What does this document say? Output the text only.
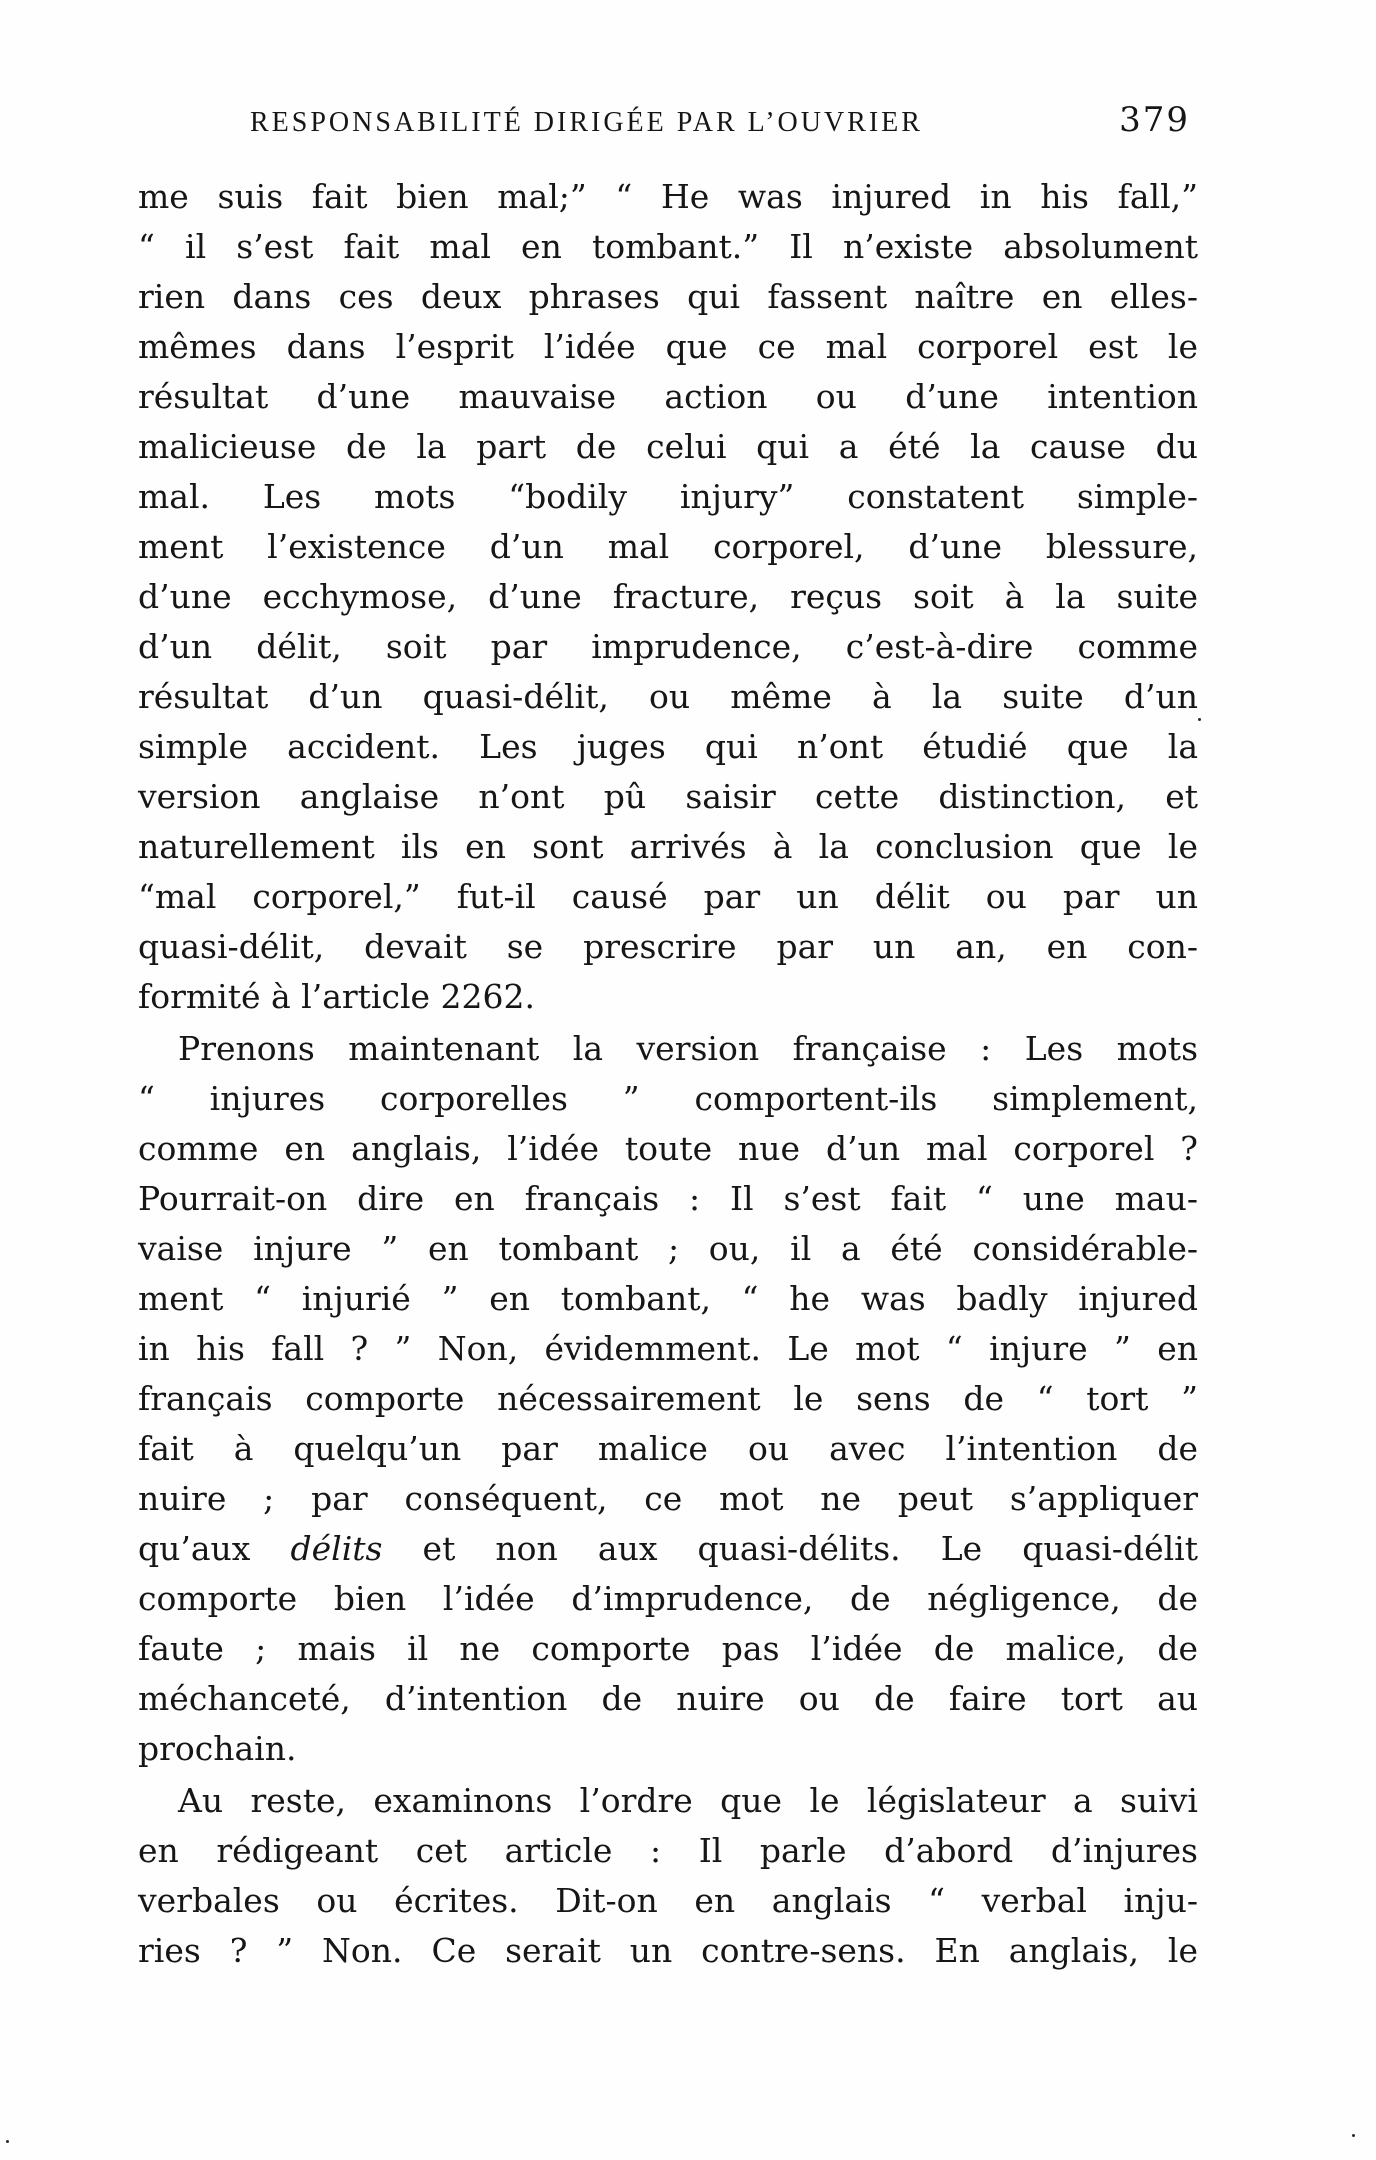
RESPONSABILITÉ DIRIGÉE PAR L’OUVRIER	379
me suis fait bien mal;” “ He was injured in his fall,”
“ il s’est fait mal en tombant.” Il n’existe absolument
rien dans ces deux phrases qui fassent naître en elles-
mêmes dans l’esprit l’idée que ce mal corporel est le
résultat d’une mauvaise action ou d’une intention
malicieuse de la part de celui qui a été la cause du
mal. Les mots “bodily injury” constatent simple-
ment l’existence d’un mal corporel, d’une blessure,
d’une ecchymose, d’une fracture, reçus soit à la suite
d’un délit, soit par imprudence, c’est-à-dire comme
résultat d’un quasi-délit, ou même à la suite d’un
simple accident. Les juges qui n’ont étudié que la
version anglaise n’ont pû saisir cette distinction, et
naturellement ils en sont arrivés à la conclusion que le
“mal corporel,” fut-il causé par un délit ou par un
quasi-délit, devait se prescrire par un an, en con-
formité à l’article 2262.
Prenons maintenant la version française : Les mots
“ injures corporelles ” comportent-ils simplement,
comme en anglais, l’idée toute nue d’un mal corporel ?
Pourrait-on dire en français : Il s’est fait “ une mau-
vaise injure ” en tombant ; ou, il a été considérable-
ment “ injurié ” en tombant, “ he was badly injured
in his fall ? ” Non, évidemment. Le mot “ injure ” en
français comporte nécessairement le sens de “ tort ”
fait à quelqu’un par malice ou avec l’intention de
nuire ; par conséquent, ce mot ne peut s’appliquer
qu’aux délits et non aux quasi-délits. Le quasi-délit
comporte bien l’idée d’imprudence, de négligence, de
faute ; mais il ne comporte pas l’idée de malice, de
méchanceté, d’intention de nuire ou de faire tort au
prochain.
Au reste, examinons l’ordre que le législateur a suivi
en rédigeant cet article : Il parle d’abord d’injures
verbales ou écrites. Dit-on en anglais “ verbal inju-
ries ? ” Non. Ce serait un contre-sens. En anglais, le
